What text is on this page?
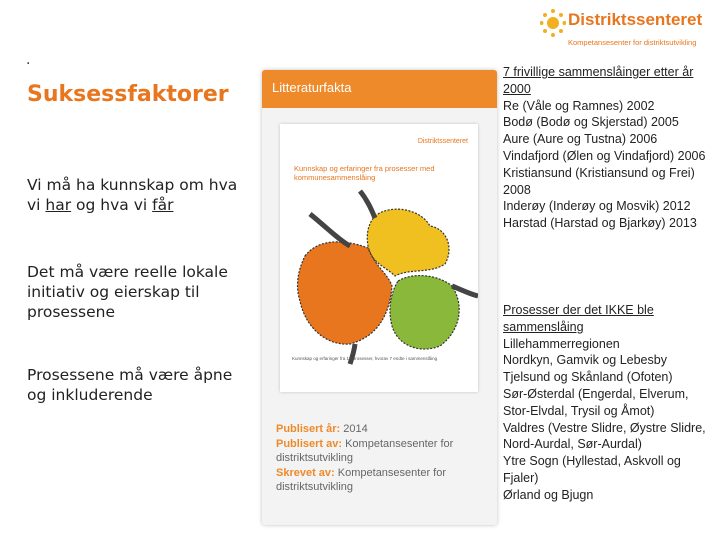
.
Suksessfaktorer
Vi må ha kunnskap om hva vi har og hva vi får
Det må være reelle lokale initiativ og eierskap til prosessene
Prosessene må være åpne og inkluderende
Litteraturfakta
Distriktssenteret
Kunnskap og erfaringer fra prosesser med kommunesammenslåing
Kunnskap og erfaringer fra 15 prosesser, hvorav 7 endte i sammenslåing
Publisert år: 2014
Publisert av: Kompetansesenter for distriktsutvikling
Skrevet av: Kompetansesenter for distriktsutvikling
Distriktssenteret
Kompetansesenter for distriktsutvikling
7 frivillige sammenslåinger etter år 2000
Re (Våle og Ramnes) 2002
Bodø (Bodø og Skjerstad) 2005
Aure (Aure og Tustna) 2006
Vindafjord (Ølen og Vindafjord) 2006
Kristiansund (Kristiansund og Frei) 2008
Inderøy (Inderøy og Mosvik) 2012
Harstad (Harstad og Bjarkøy) 2013
Prosesser der det IKKE ble sammenslåing
Lillehammerregionen
Nordkyn, Gamvik og Lebesby
Tjelsund og Skånland (Ofoten)
Sør-Østerdal (Engerdal, Elverum, Stor-Elvdal, Trysil og Åmot)
Valdres (Vestre Slidre, Øystre Slidre, Nord-Aurdal, Sør-Aurdal)
Ytre Sogn (Hyllestad, Askvoll og Fjaler)
Ørland og Bjugn
